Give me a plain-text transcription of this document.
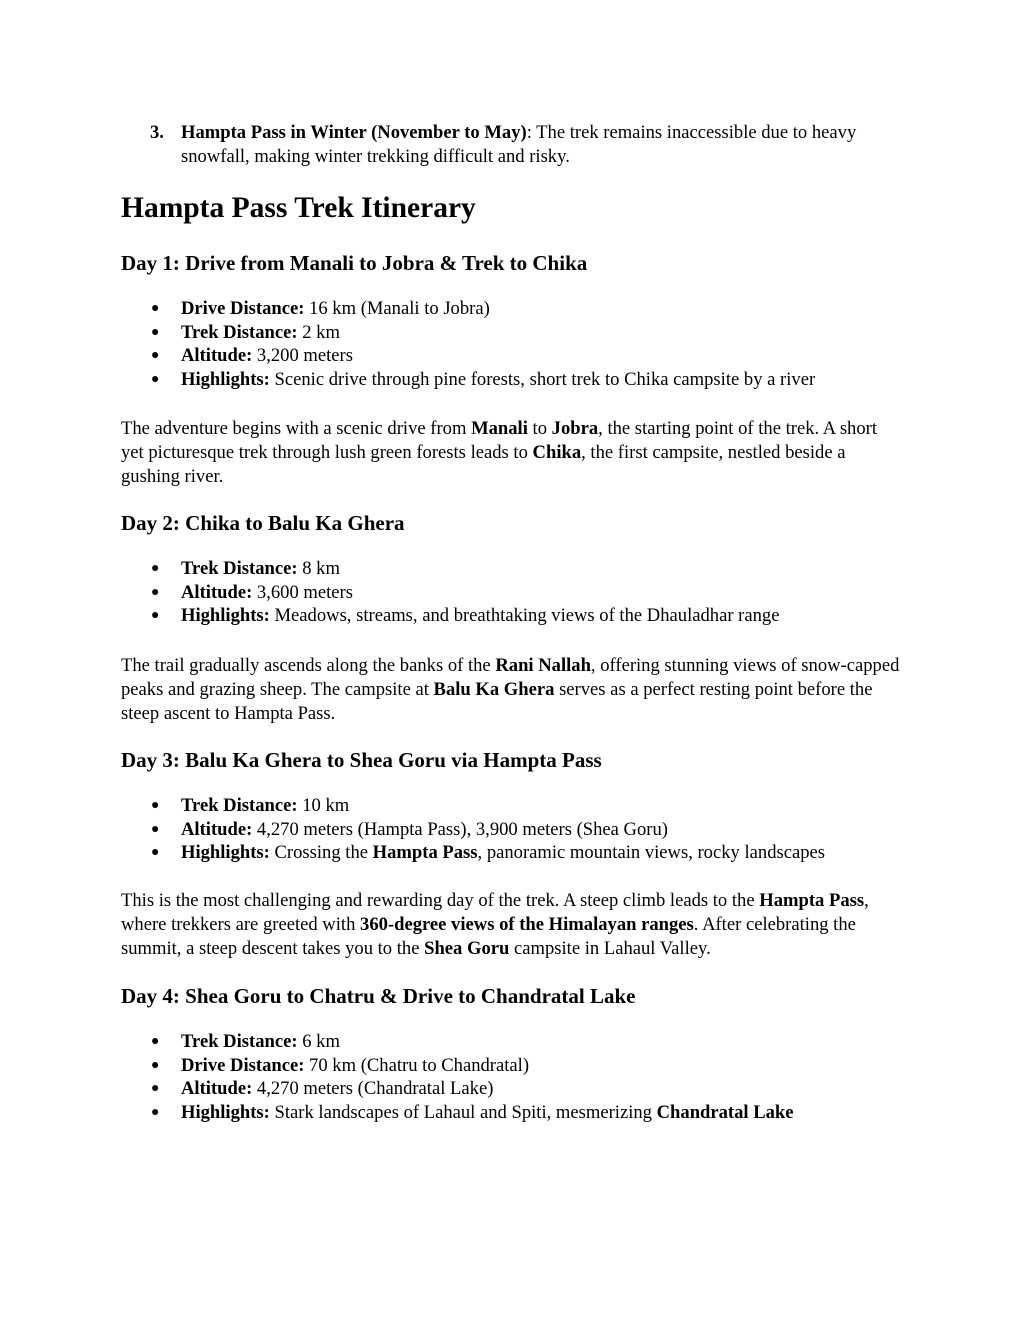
3. Hampta Pass in Winter (November to May): The trek remains inaccessible due to heavy snowfall, making winter trekking difficult and risky.
Hampta Pass Trek Itinerary
Day 1: Drive from Manali to Jobra & Trek to Chika
● Drive Distance: 16 km (Manali to Jobra)
● Trek Distance: 2 km
● Altitude: 3,200 meters
● Highlights: Scenic drive through pine forests, short trek to Chika campsite by a river

The adventure begins with a scenic drive from Manali to Jobra, the starting point of the trek. A short yet picturesque trek through lush green forests leads to Chika, the first campsite, nestled beside a gushing river.

Day 2: Chika to Balu Ka Ghera
● Trek Distance: 8 km
● Altitude: 3,600 meters
● Highlights: Meadows, streams, and breathtaking views of the Dhauladhar range

The trail gradually ascends along the banks of the Rani Nallah, offering stunning views of snow-capped peaks and grazing sheep. The campsite at Balu Ka Ghera serves as a perfect resting point before the steep ascent to Hampta Pass.

Day 3: Balu Ka Ghera to Shea Goru via Hampta Pass
● Trek Distance: 10 km
● Altitude: 4,270 meters (Hampta Pass), 3,900 meters (Shea Goru)
● Highlights: Crossing the Hampta Pass, panoramic mountain views, rocky landscapes

This is the most challenging and rewarding day of the trek. A steep climb leads to the Hampta Pass, where trekkers are greeted with 360-degree views of the Himalayan ranges. After celebrating the summit, a steep descent takes you to the Shea Goru campsite in Lahaul Valley.

Day 4: Shea Goru to Chatru & Drive to Chandratal Lake
● Trek Distance: 6 km
● Drive Distance: 70 km (Chatru to Chandratal)
● Altitude: 4,270 meters (Chandratal Lake)
● Highlights: Stark landscapes of Lahaul and Spiti, mesmerizing Chandratal Lake
